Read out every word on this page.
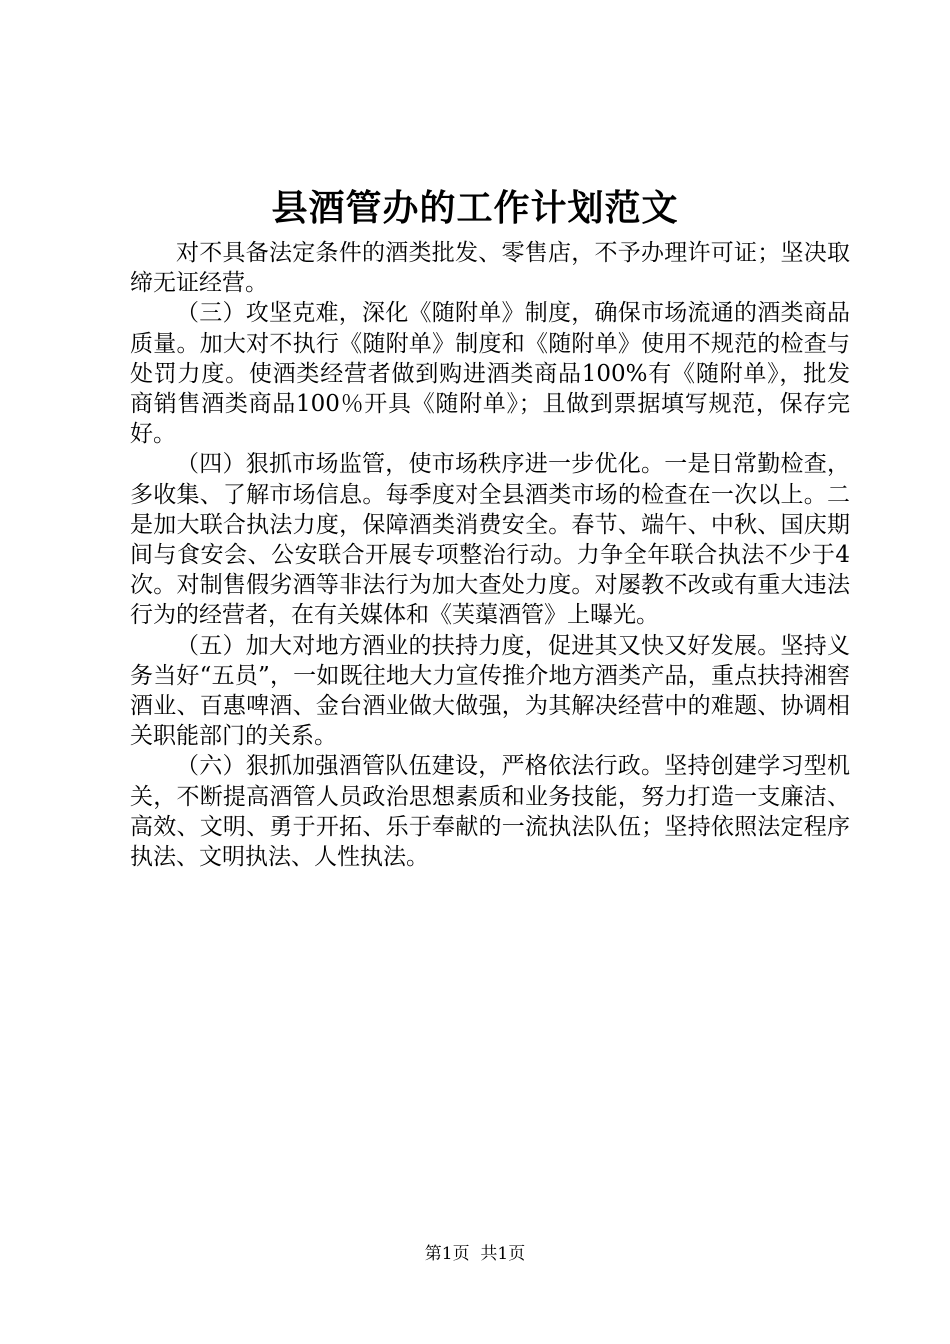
县酒管办的工作计划范文

对不具备法定条件的酒类批发、零售店，不予办理许可证；坚决取缔无证经营。

（三）攻坚克难，深化《随附单》制度，确保市场流通的酒类商品质量。加大对不执行《随附单》制度和《随附单》使用不规范的检查与处罚力度。使酒类经营者做到购进酒类商品100%有《随附单》，批发商销售酒类商品100％开具《随附单》；且做到票据填写规范，保存完好。

（四）狠抓市场监管，使市场秩序进一步优化。一是日常勤检查，多收集、了解市场信息。每季度对全县酒类市场的检查在一次以上。二是加大联合执法力度，保障酒类消费安全。春节、端午、中秋、国庆期间与食安会、公安联合开展专项整治行动。力争全年联合执法不少于4次。对制售假劣酒等非法行为加大查处力度。对屡教不改或有重大违法行为的经营者，在有关媒体和《芙蕖酒管》上曝光。

（五）加大对地方酒业的扶持力度，促进其又快又好发展。坚持义务当好“五员”，一如既往地大力宣传推介地方酒类产品，重点扶持湘窖酒业、百惠啤酒、金台酒业做大做强，为其解决经营中的难题、协调相关职能部门的关系。

（六）狠抓加强酒管队伍建设，严格依法行政。坚持创建学习型机关，不断提高酒管人员政治思想素质和业务技能，努力打造一支廉洁、高效、文明、勇于开拓、乐于奉献的一流执法队伍；坚持依照法定程序执法、文明执法、人性执法。

第1页 共1页
